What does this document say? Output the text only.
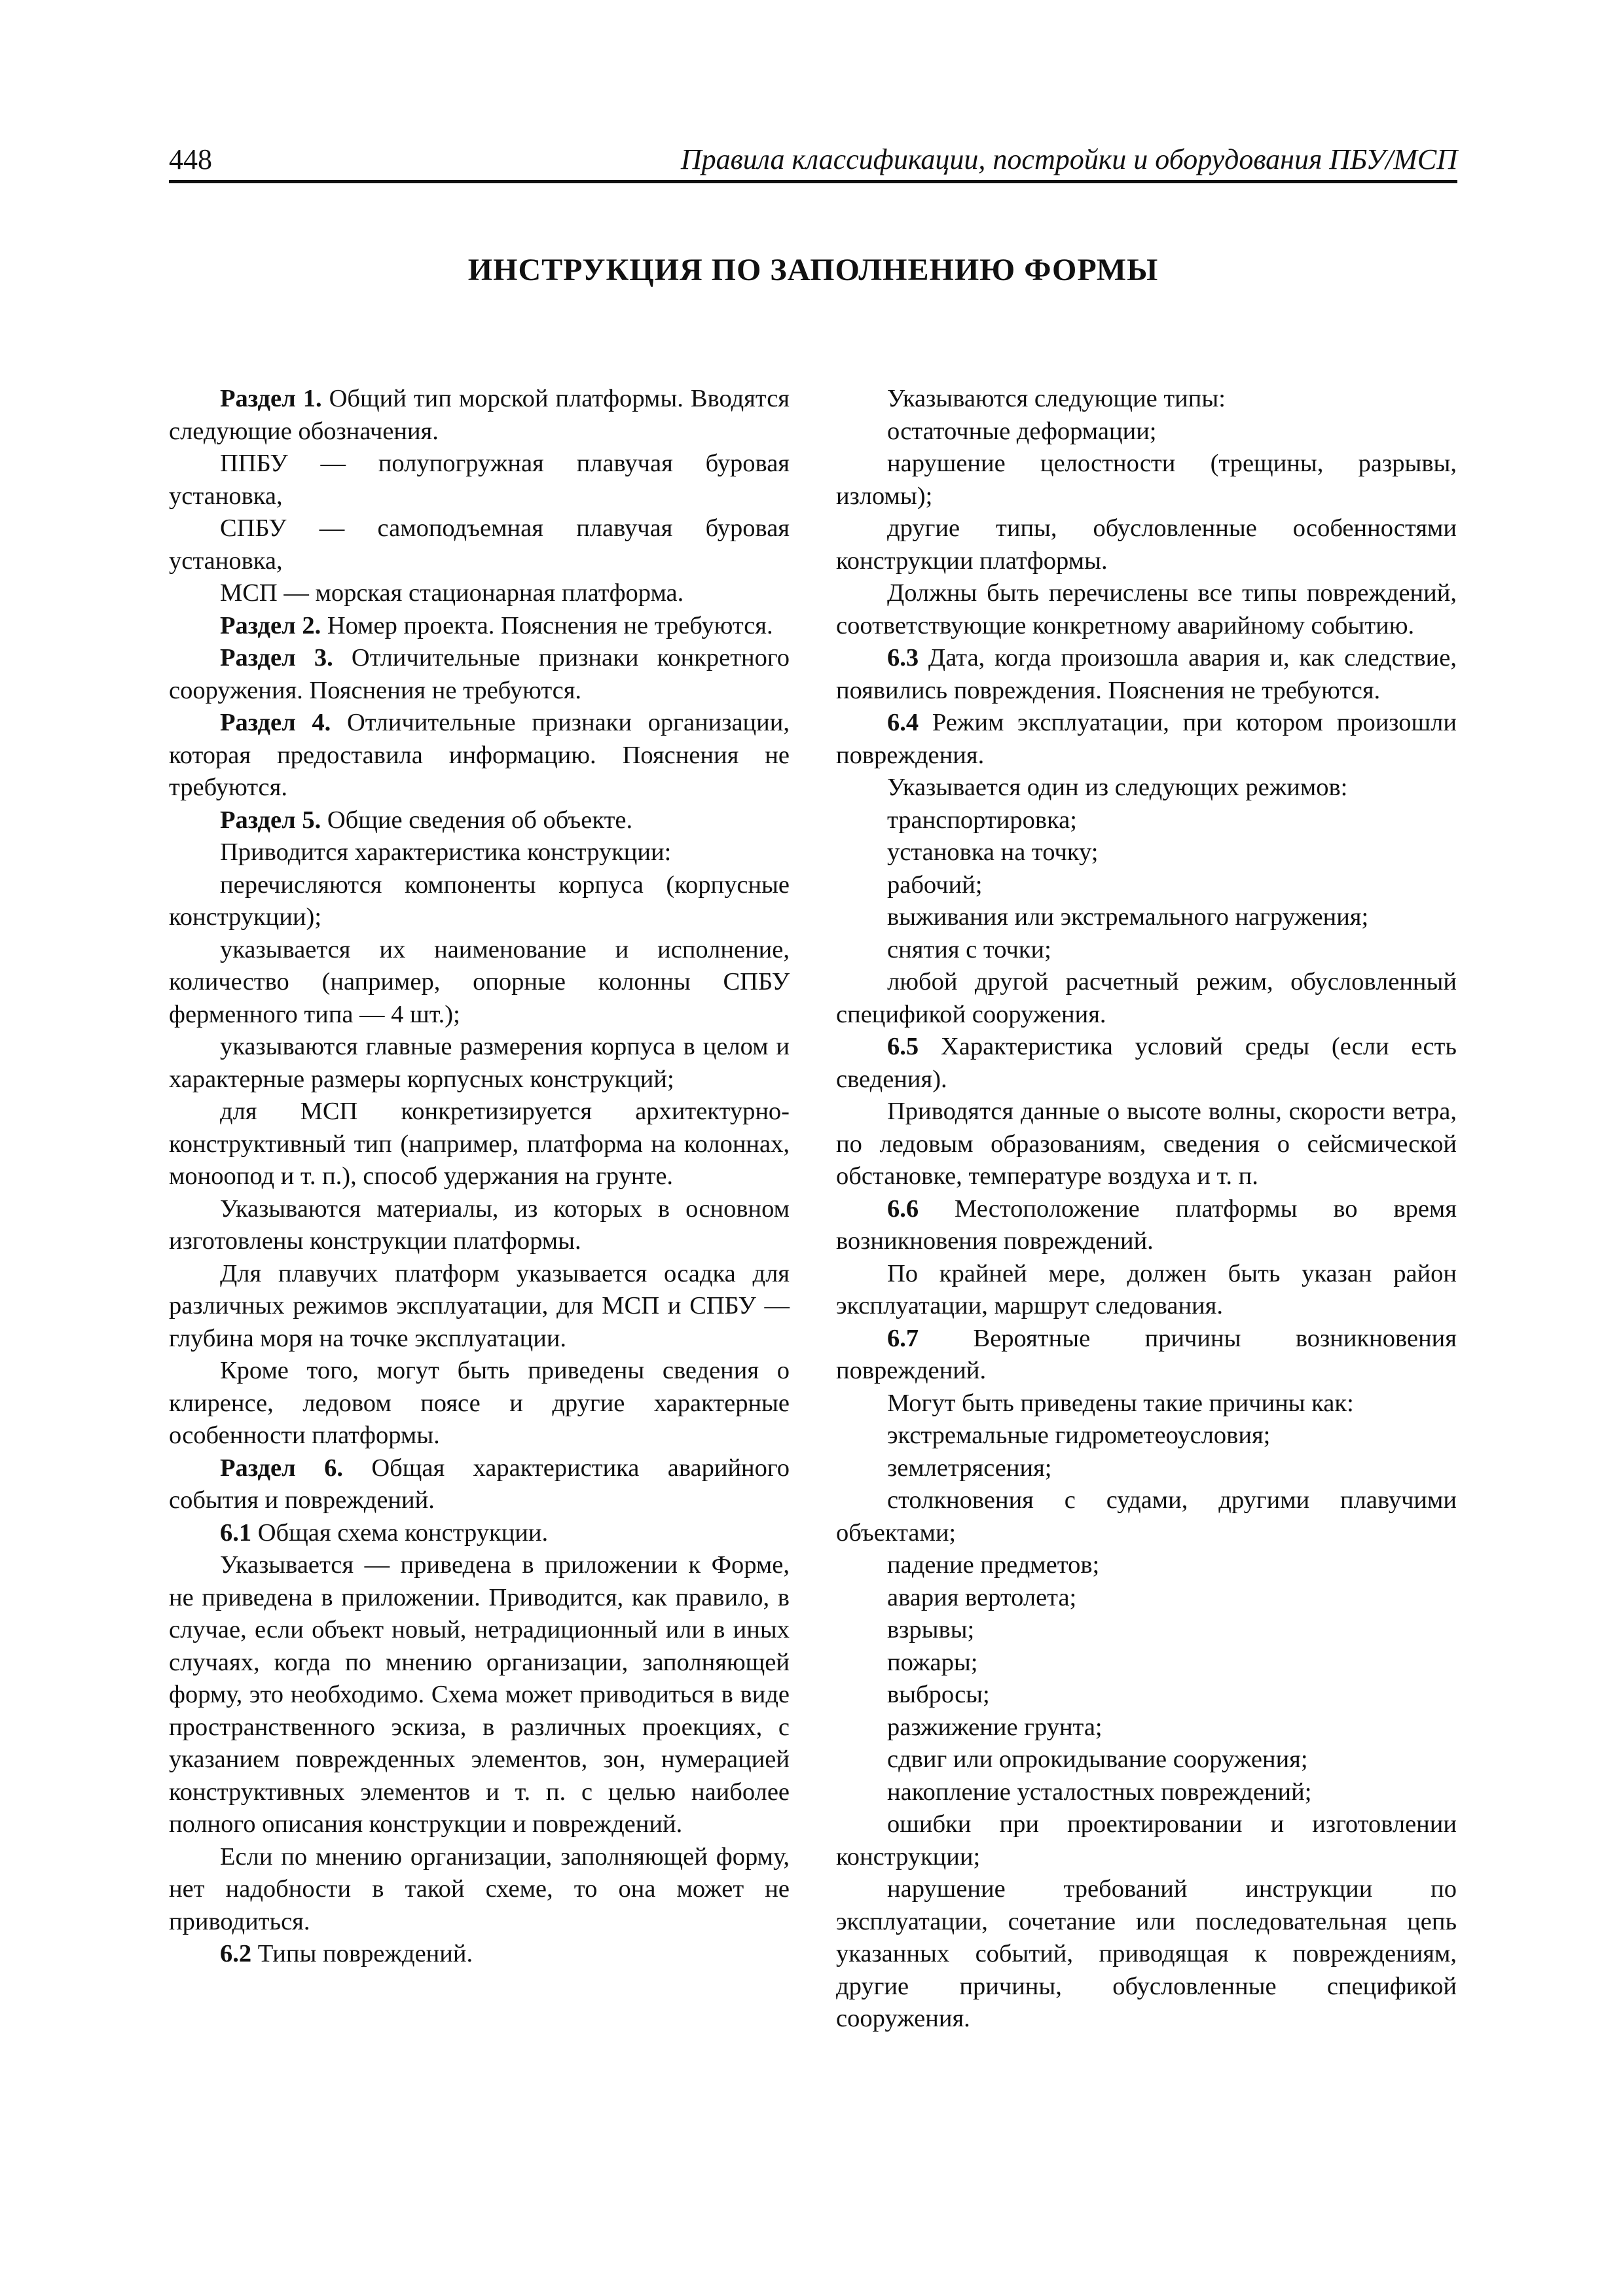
448	Правила классификации, постройки и оборудования ПБУ/МСП
ИНСТРУКЦИЯ ПО ЗАПОЛНЕНИЮ ФОРМЫ

Раздел 1. Общий тип морской платформы. Вводятся следующие обозначения.

ППБУ — полупогружная плавучая буровая установка,

СПБУ — самоподъемная плавучая буровая установка,

МСП — морская стационарная платформа.

Раздел 2. Номер проекта. Пояснения не требуются.

Раздел 3. Отличительные признаки конкретного сооружения. Пояснения не требуются.

Раздел 4. Отличительные признаки организации, которая предоставила информацию. Пояснения не требуются.

Раздел 5. Общие сведения об объекте.

Приводится характеристика конструкции:

перечисляются компоненты корпуса (корпусные конструкции);

указывается их наименование и исполнение, количество (например, опорные колонны СПБУ ферменного типа — 4 шт.);

указываются главные размерения корпуса в целом и характерные размеры корпусных конструкций;

для МСП конкретизируется архитектурно-конструктивный тип (например, платформа на колоннах, моноопод и т. п.), способ удержания на грунте.

Указываются материалы, из которых в основном изготовлены конструкции платформы.

Для плавучих платформ указывается осадка для различных режимов эксплуатации, для МСП и СПБУ — глубина моря на точке эксплуатации.

Кроме того, могут быть приведены сведения о клиренсе, ледовом поясе и другие характерные особенности платформы.

Раздел 6. Общая характеристика аварийного события и повреждений.

6.1 Общая схема конструкции.

Указывается — приведена в приложении к Форме, не приведена в приложении. Приводится, как правило, в случае, если объект новый, нетрадиционный или в иных случаях, когда по мнению организации, заполняющей форму, это необходимо. Схема может приводиться в виде пространственного эскиза, в различных проекциях, с указанием поврежденных элементов, зон, нумерацией конструктивных элементов и т. п. с целью наиболее полного описания конструкции и повреждений.

Если по мнению организации, заполняющей форму, нет надобности в такой схеме, то она может не приводиться.

6.2 Типы повреждений.

Указываются следующие типы:

остаточные деформации;

нарушение целостности (трещины, разрывы, изломы);

другие типы, обусловленные особенностями конструкции платформы.

Должны быть перечислены все типы повреждений, соответствующие конкретному аварийному событию.

6.3 Дата, когда произошла авария и, как следствие, появились повреждения. Пояснения не требуются.

6.4 Режим эксплуатации, при котором произошли повреждения.

Указывается один из следующих режимов:

транспортировка;

установка на точку;

рабочий;

выживания или экстремального нагружения;

снятия с точки;

любой другой расчетный режим, обусловленный спецификой сооружения.

6.5 Характеристика условий среды (если есть сведения).

Приводятся данные о высоте волны, скорости ветра, по ледовым образованиям, сведения о сейсмической обстановке, температуре воздуха и т. п.

6.6 Местоположение платформы во время возникновения повреждений.

По крайней мере, должен быть указан район эксплуатации, маршрут следования.

6.7 Вероятные причины возникновения повреждений.

Могут быть приведены такие причины как:

экстремальные гидрометеоусловия;

землетрясения;

столкновения с судами, другими плавучими объектами;

падение предметов;

авария вертолета;

взрывы;

пожары;

выбросы;

разжижение грунта;

сдвиг или опрокидывание сооружения;

накопление усталостных повреждений;

ошибки при проектировании и изготовлении конструкции;

нарушение требований инструкции по эксплуатации, сочетание или последовательная цепь указанных событий, приводящая к повреждениям, другие причины, обусловленные спецификой сооружения.
